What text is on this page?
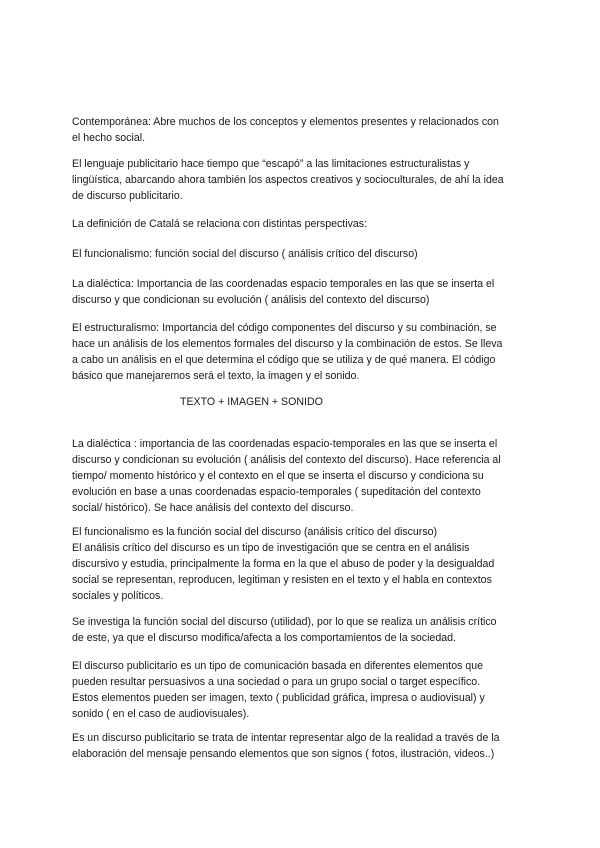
Contemporánea: Abre muchos de los conceptos y elementos presentes y relacionados con
el hecho social.

El lenguaje publicitario hace tiempo que “escapó” a las limitaciones estructuralistas y
lingüística, abarcando ahora también los aspectos creativos y socioculturales, de ahí la idea
de discurso publicitario.

La definición de Catalá se relaciona con distintas perspectivas:

El funcionalismo: función social del discurso ( análisis crítico del discurso)

La dialéctica: Importancia de las coordenadas espacio temporales en las que se inserta el
discurso y que condicionan su evolución ( análisis del contexto del discurso)

El estructuralismo: Importancia del código componentes del discurso y su combinación, se
hace un análisis de los elementos formales del discurso y la combinación de estos. Se lleva
a cabo un análisis en el que determina el código que se utiliza y de qué manera. El código
básico que manejaremos será el texto, la imagen y el sonido.

TEXTO + IMAGEN + SONIDO

La dialéctica : importancia de las coordenadas espacio-temporales en las que se inserta el
discurso y condicionan su evolución ( análisis del contexto del discurso). Hace referencia al
tiempo/ momento histórico y el contexto en el que se inserta el discurso y condiciona su
evolución en base a unas coordenadas espacio-temporales ( supeditación del contexto
social/ histórico). Se hace análisis del contexto del discurso.

El funcionalismo es la función social del discurso (análisis crítico del discurso)
El análisis crítico del discurso es un tipo de investigación que se centra en el análisis
discursivo y estudia, principalmente la forma en la que el abuso de poder y la desigualdad
social se representan, reproducen, legitiman y resisten en el texto y el habla en contextos
sociales y políticos.

Se investiga la función social del discurso (utilidad), por lo que se realiza un análisis crítico
de este, ya que el discurso modifica/afecta a los comportamientos de la sociedad.

El discurso publicitario es un tipo de comunicación basada en diferentes elementos que
pueden resultar persuasivos a una sociedad o para un grupo social o target específico.
Estos elementos pueden ser imagen, texto ( publicidad gráfica, impresa o audiovisual) y
sonido ( en el caso de audiovisuales).

Es un discurso publicitario se trata de intentar representar algo de la realidad a través de la
elaboración del mensaje pensando elementos que son signos ( fotos, ilustración, videos..)
